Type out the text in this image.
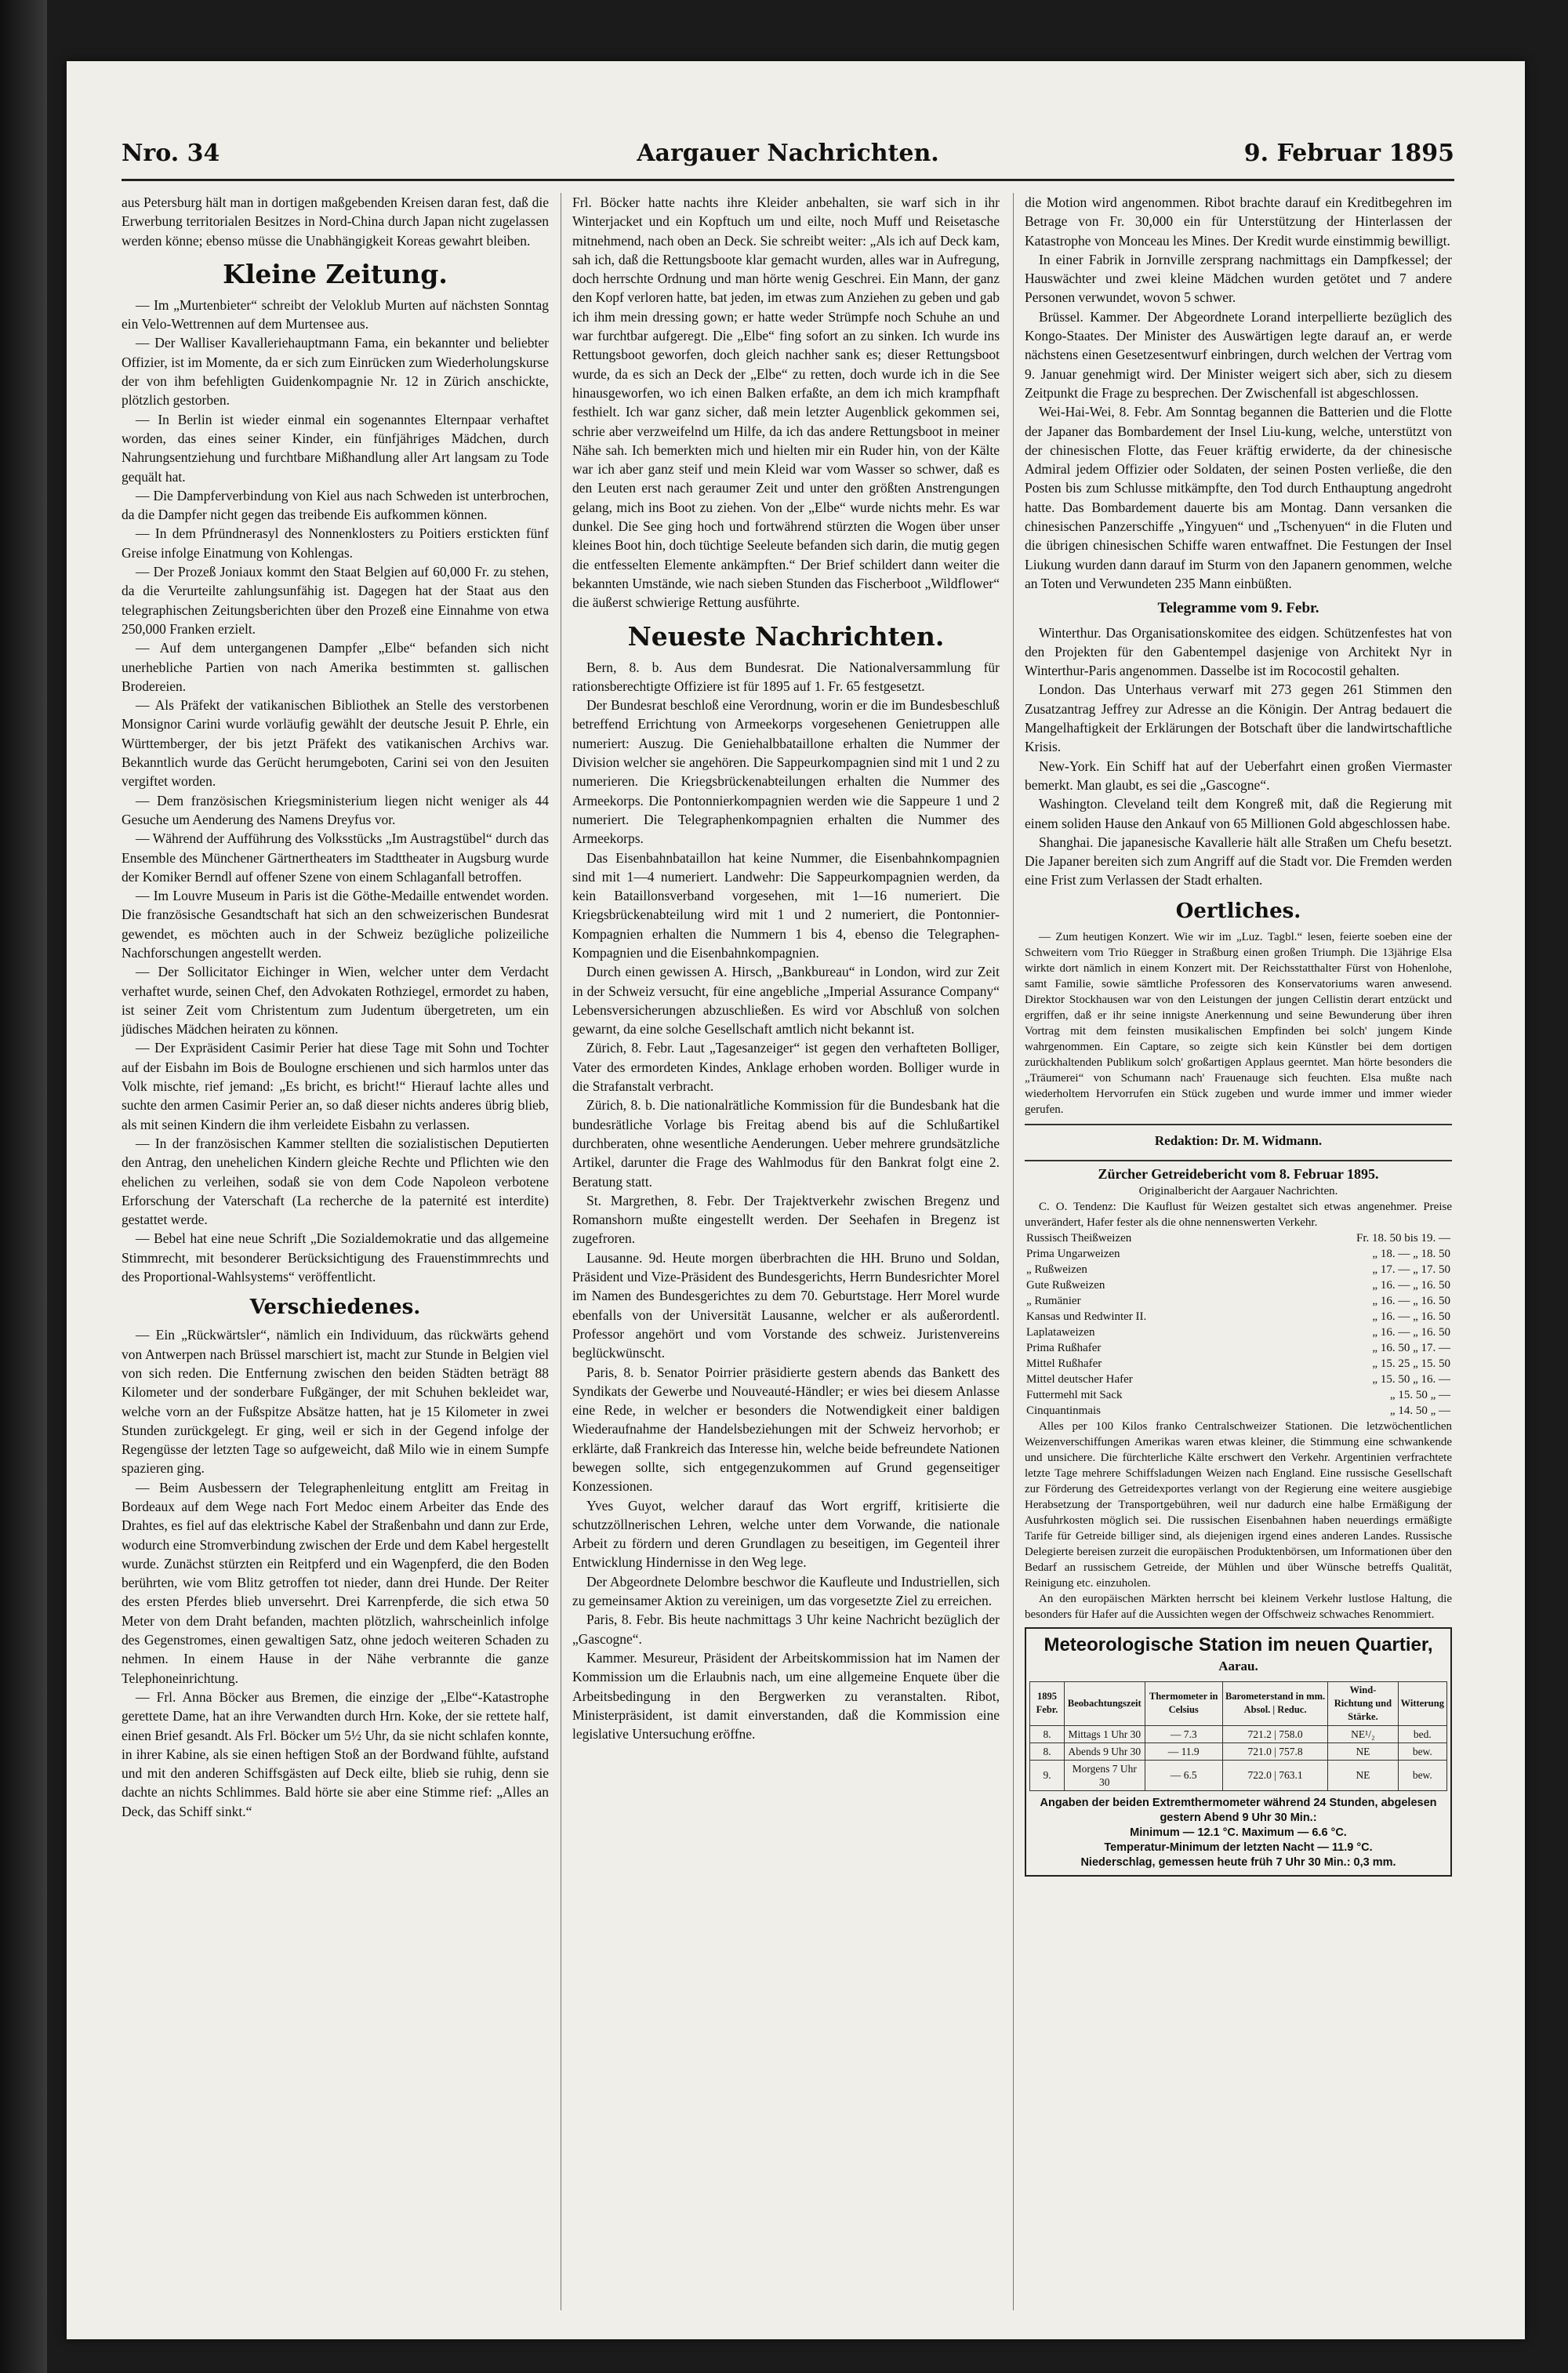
Nro. 34	Aargauer Nachrichten.	9. Februar 1895

aus Petersburg hält man in dortigen maßgebenden Kreisen daran fest, daß die Erwerbung territorialen Besitzes in Nord-China durch Japan nicht zugelassen werden könne; ebenso müsse die Unabhängigkeit Koreas gewahrt bleiben.

Kleine Zeitung.

— Im „Murtenbieter“ schreibt der Veloklub Murten auf nächsten Sonntag ein Velo-Wettrennen auf dem Murtensee aus.

— Der Walliser Kavalleriehauptmann Fama, ein bekannter und beliebter Offizier, ist im Momente, da er sich zum Einrücken zum Wiederholungskurse der von ihm befehligten Guidenkompagnie Nr. 12 in Zürich anschickte, plötzlich gestorben.

— In Berlin ist wieder einmal ein sogenanntes Elternpaar verhaftet worden, das eines seiner Kinder, ein fünfjähriges Mädchen, durch Nahrungsentziehung und furchtbare Mißhandlung aller Art langsam zu Tode gequält hat.

— Die Dampferverbindung von Kiel aus nach Schweden ist unterbrochen, da die Dampfer nicht gegen das treibende Eis aufkommen können.

— In dem Pfründnerasyl des Nonnenklosters zu Poitiers erstickten fünf Greise infolge Einatmung von Kohlengas.

— Der Prozeß Joniaux kommt den Staat Belgien auf 60,000 Fr. zu stehen, da die Verurteilte zahlungsunfähig ist. Dagegen hat der Staat aus den telegraphischen Zeitungsberichten über den Prozeß eine Einnahme von etwa 250,000 Franken erzielt.

— Auf dem untergangenen Dampfer „Elbe“ befanden sich nicht unerhebliche Partien von nach Amerika bestimmten st. gallischen Brodereien.

— Als Präfekt der vatikanischen Bibliothek an Stelle des verstorbenen Monsignor Carini wurde vorläufig gewählt der deutsche Jesuit P. Ehrle, ein Württemberger, der bis jetzt Präfekt des vatikanischen Archivs war. Bekanntlich wurde das Gerücht herumgeboten, Carini sei von den Jesuiten vergiftet worden.

— Dem französischen Kriegsministerium liegen nicht weniger als 44 Gesuche um Aenderung des Namens Dreyfus vor.

— Während der Aufführung des Volksstücks „Im Austragstübel“ durch das Ensemble des Münchener Gärtnertheaters im Stadttheater in Augsburg wurde der Komiker Berndl auf offener Szene von einem Schlaganfall betroffen.

— Im Louvre Museum in Paris ist die Göthe-Medaille entwendet worden. Die französische Gesandtschaft hat sich an den schweizerischen Bundesrat gewendet, es möchten auch in der Schweiz bezügliche polizeiliche Nachforschungen angestellt werden.

— Der Sollicitator Eichinger in Wien, welcher unter dem Verdacht verhaftet wurde, seinen Chef, den Advokaten Rothziegel, ermordet zu haben, ist seiner Zeit vom Christentum zum Judentum übergetreten, um ein jüdisches Mädchen heiraten zu können.

— Der Expräsident Casimir Perier hat diese Tage mit Sohn und Tochter auf der Eisbahn im Bois de Boulogne erschienen und sich harmlos unter das Volk mischte, rief jemand: „Es bricht, es bricht!“ Hierauf lachte alles und suchte den armen Casimir Perier an, so daß dieser nichts anderes übrig blieb, als mit seinen Kindern die ihm verleidete Eisbahn zu verlassen.

— In der französischen Kammer stellten die sozialistischen Deputierten den Antrag, den unehelichen Kindern gleiche Rechte und Pflichten wie den ehelichen zu verleihen, sodaß sie von dem Code Napoleon verbotene Erforschung der Vaterschaft (La recherche de la paternité est interdite) gestattet werde.

— Bebel hat eine neue Schrift „Die Sozialdemokratie und das allgemeine Stimmrecht, mit besonderer Berücksichtigung des Frauenstimmrechts und des Proportional-Wahlsystems“ veröffentlicht.

Verschiedenes.

— Ein „Rückwärtsler“, nämlich ein Individuum, das rückwärts gehend von Antwerpen nach Brüssel marschiert ist, macht zur Stunde in Belgien viel von sich reden. Die Entfernung zwischen den beiden Städten beträgt 88 Kilometer und der sonderbare Fußgänger, der mit Schuhen bekleidet war, welche vorn an der Fußspitze Absätze hatten, hat je 15 Kilometer in zwei Stunden zurückgelegt. Er ging, weil er sich in der Gegend infolge der Regengüsse der letzten Tage so aufgeweicht, daß Milo wie in einem Sumpfe spazieren ging.

— Beim Ausbessern der Telegraphenleitung entglitt am Freitag in Bordeaux auf dem Wege nach Fort Medoc einem Arbeiter das Ende des Drahtes, es fiel auf das elektrische Kabel der Straßenbahn und dann zur Erde, wodurch eine Stromverbindung zwischen der Erde und dem Kabel hergestellt wurde. Zunächst stürzten ein Reitpferd und ein Wagenpferd, die den Boden berührten, wie vom Blitz getroffen tot nieder, dann drei Hunde. Der Reiter des ersten Pferdes blieb unversehrt. Drei Karrenpferde, die sich etwa 50 Meter von dem Draht befanden, machten plötzlich, wahrscheinlich infolge des Gegenstromes, einen gewaltigen Satz, ohne jedoch weiteren Schaden zu nehmen. In einem Hause in der Nähe verbrannte die ganze Telephoneinrichtung.

— Frl. Anna Böcker aus Bremen, die einzige der „Elbe“-Katastrophe gerettete Dame, hat an ihre Verwandten durch Hrn. Koke, der sie rettete half, einen Brief gesandt. Als Frl. Böcker um 5½ Uhr, da sie nicht schlafen konnte, in ihrer Kabine, als sie einen heftigen Stoß an der Bordwand fühlte, aufstand und mit den anderen Schiffsgästen auf Deck eilte, blieb sie ruhig, denn sie dachte an nichts Schlimmes. Bald hörte sie aber eine Stimme rief: „Alles an Deck, das Schiff sinkt.“

Frl. Böcker hatte nachts ihre Kleider anbehalten, sie warf sich in ihr Winterjacket und ein Kopftuch um und eilte, noch Muff und Reisetasche mitnehmend, nach oben an Deck. Sie schreibt weiter: „Als ich auf Deck kam, sah ich, daß die Rettungsboote klar gemacht wurden, alles war in Aufregung, doch herrschte Ordnung und man hörte wenig Geschrei. Ein Mann, der ganz den Kopf verloren hatte, bat jeden, im etwas zum Anziehen zu geben und gab ich ihm mein dressing gown; er hatte weder Strümpfe noch Schuhe an und war furchtbar aufgeregt. Die „Elbe“ fing sofort an zu sinken. Ich wurde ins Rettungsboot geworfen, doch gleich nachher sank es; dieser Rettungsboot wurde, da es sich an Deck der „Elbe“ zu retten, doch wurde ich in die See hinausgeworfen, wo ich einen Balken erfaßte, an dem ich mich krampfhaft festhielt. Ich war ganz sicher, daß mein letzter Augenblick gekommen sei, schrie aber verzweifelnd um Hilfe, da ich das andere Rettungsboot in meiner Nähe sah. Ich bemerkten mich und hielten mir ein Ruder hin, von der Kälte war ich aber ganz steif und mein Kleid war vom Wasser so schwer, daß es den Leuten erst nach geraumer Zeit und unter den größten Anstrengungen gelang, mich ins Boot zu ziehen. Von der „Elbe“ wurde nichts mehr. Es war dunkel. Die See ging hoch und fortwährend stürzten die Wogen über unser kleines Boot hin, doch tüchtige Seeleute befanden sich darin, die mutig gegen die entfesselten Elemente ankämpften.“ Der Brief schildert dann weiter die bekannten Umstände, wie nach sieben Stunden das Fischerboot „Wildflower“ die äußerst schwierige Rettung ausführte.

Neueste Nachrichten.

Bern, 8. b. Aus dem Bundesrat. Die Nationalversammlung für rationsberechtigte Offiziere ist für 1895 auf 1. Fr. 65 festgesetzt.

Der Bundesrat beschloß eine Verordnung, worin er die im Bundesbeschluß betreffend Errichtung von Armeekorps vorgesehenen Genietruppen alle numeriert: Auszug. Die Geniehalbbataillone erhalten die Nummer der Division welcher sie angehören. Die Sappeurkompagnien sind mit 1 und 2 zu numerieren. Die Kriegsbrückenabteilungen erhalten die Nummer des Armeekorps. Die Pontonnierkompagnien werden wie die Sappeure 1 und 2 numeriert. Die Telegraphenkompagnien erhalten die Nummer des Armeekorps.

Das Eisenbahnbataillon hat keine Nummer, die Eisenbahnkompagnien sind mit 1—4 numeriert. Landwehr: Die Sappeurkompagnien werden, da kein Bataillonsverband vorgesehen, mit 1—16 numeriert. Die Kriegsbrückenabteilung wird mit 1 und 2 numeriert, die Pontonnier-Kompagnien erhalten die Nummern 1 bis 4, ebenso die Telegraphen-Kompagnien und die Eisenbahnkompagnien.

Durch einen gewissen A. Hirsch, „Bankbureau“ in London, wird zur Zeit in der Schweiz versucht, für eine angebliche „Imperial Assurance Company“ Lebensversicherungen abzuschließen. Es wird vor Abschluß von solchen gewarnt, da eine solche Gesellschaft amtlich nicht bekannt ist.

Zürich, 8. Febr. Laut „Tagesanzeiger“ ist gegen den verhafteten Bolliger, Vater des ermordeten Kindes, Anklage erhoben worden. Bolliger wurde in die Strafanstalt verbracht.

Zürich, 8. b. Die nationalrätliche Kommission für die Bundesbank hat die bundesrätliche Vorlage bis Freitag abend bis auf die Schlußartikel durchberaten, ohne wesentliche Aenderungen. Ueber mehrere grundsätzliche Artikel, darunter die Frage des Wahlmodus für den Bankrat folgt eine 2. Beratung statt.

St. Margrethen, 8. Febr. Der Trajektverkehr zwischen Bregenz und Romanshorn mußte eingestellt werden. Der Seehafen in Bregenz ist zugefroren.

Lausanne. 9d. Heute morgen überbrachten die HH. Bruno und Soldan, Präsident und Vize-Präsident des Bundesgerichts, Herrn Bundesrichter Morel im Namen des Bundesgerichtes zu dem 70. Geburtstage. Herr Morel wurde ebenfalls von der Universität Lausanne, welcher er als außerordentl. Professor angehört und vom Vorstande des schweiz. Juristenvereins beglückwünscht.

Paris, 8. b. Senator Poirrier präsidierte gestern abends das Bankett des Syndikats der Gewerbe und Nouveauté-Händler; er wies bei diesem Anlasse eine Rede, in welcher er besonders die Notwendigkeit einer baldigen Wiederaufnahme der Handelsbeziehungen mit der Schweiz hervorhob; er erklärte, daß Frankreich das Interesse hin, welche beide befreundete Nationen bewegen sollte, sich entgegenzukommen auf Grund gegenseitiger Konzessionen.

Yves Guyot, welcher darauf das Wort ergriff, kritisierte die schutzzöllnerischen Lehren, welche unter dem Vorwande, die nationale Arbeit zu fördern und deren Grundlagen zu beseitigen, im Gegenteil ihrer Entwicklung Hindernisse in den Weg lege.

Der Abgeordnete Delombre beschwor die Kaufleute und Industriellen, sich zu gemeinsamer Aktion zu vereinigen, um das vorgesetzte Ziel zu erreichen.

Paris, 8. Febr. Bis heute nachmittags 3 Uhr keine Nachricht bezüglich der „Gascogne“.

Kammer. Mesureur, Präsident der Arbeitskommission hat im Namen der Kommission um die Erlaubnis nach, um eine allgemeine Enquete über die Arbeitsbedingung in den Bergwerken zu veranstalten. Ribot, Ministerpräsident, ist damit einverstanden, daß die Kommission eine legislative Untersuchung eröffne.

die Motion wird angenommen. Ribot brachte darauf ein Kreditbegehren im Betrage von Fr. 30,000 ein für Unterstützung der Hinterlassen der Katastrophe von Monceau les Mines. Der Kredit wurde einstimmig bewilligt.

In einer Fabrik in Jornville zersprang nachmittags ein Dampfkessel; der Hauswächter und zwei kleine Mädchen wurden getötet und 7 andere Personen verwundet, wovon 5 schwer.

Brüssel. Kammer. Der Abgeordnete Lorand interpellierte bezüglich des Kongo-Staates. Der Minister des Auswärtigen legte darauf an, er werde nächstens einen Gesetzesentwurf einbringen, durch welchen der Vertrag vom 9. Januar genehmigt wird. Der Minister weigert sich aber, sich zu diesem Zeitpunkt die Frage zu besprechen. Der Zwischenfall ist abgeschlossen.

Wei-Hai-Wei, 8. Febr. Am Sonntag begannen die Batterien und die Flotte der Japaner das Bombardement der Insel Liu-kung, welche, unterstützt von der chinesischen Flotte, das Feuer kräftig erwiderte, da der chinesische Admiral jedem Offizier oder Soldaten, der seinen Posten verließe, die den Posten bis zum Schlusse mitkämpfte, den Tod durch Enthauptung angedroht hatte. Das Bombardement dauerte bis am Montag. Dann versanken die chinesischen Panzerschiffe „Yingyuen“ und „Tschenyuen“ in die Fluten und die übrigen chinesischen Schiffe waren entwaffnet. Die Festungen der Insel Liukung wurden dann darauf im Sturm von den Japanern genommen, welche an Toten und Verwundeten 235 Mann einbüßten.

Telegramme vom 9. Febr.

Winterthur. Das Organisationskomitee des eidgen. Schützenfestes hat von den Projekten für den Gabentempel dasjenige von Architekt Nyr in Winterthur-Paris angenommen. Dasselbe ist im Rococostil gehalten.

London. Das Unterhaus verwarf mit 273 gegen 261 Stimmen den Zusatzantrag Jeffrey zur Adresse an die Königin. Der Antrag bedauert die Mangelhaftigkeit der Erklärungen der Botschaft über die landwirtschaftliche Krisis.

New-York. Ein Schiff hat auf der Ueberfahrt einen großen Viermaster bemerkt. Man glaubt, es sei die „Gascogne“.

Washington. Cleveland teilt dem Kongreß mit, daß die Regierung mit einem soliden Hause den Ankauf von 65 Millionen Gold abgeschlossen habe.

Shanghai. Die japanesische Kavallerie hält alle Straßen um Chefu besetzt. Die Japaner bereiten sich zum Angriff auf die Stadt vor. Die Fremden werden eine Frist zum Verlassen der Stadt erhalten.

Oertliches.

— Zum heutigen Konzert. Wie wir im „Luz. Tagbl.“ lesen, feierte soeben eine der Schweitern vom Trio Rüegger in Straßburg einen großen Triumph. Die 13jährige Elsa wirkte dort nämlich in einem Konzert mit. Der Reichsstatthalter Fürst von Hohenlohe, samt Familie, sowie sämtliche Professoren des Konservatoriums waren anwesend. Direktor Stockhausen war von den Leistungen der jungen Cellistin derart entzückt und ergriffen, daß er ihr seine innigste Anerkennung und seine Bewunderung über ihren Vortrag mit dem feinsten musikalischen Empfinden bei solch' jungem Kinde wahrgenommen. Ein Captare, so zeigte sich kein Künstler bei dem dortigen zurückhaltenden Publikum solch' großartigen Applaus geerntet. Man hörte besonders die „Träumerei“ von Schumann nach' Frauenauge sich feuchten. Elsa mußte nach wiederholtem Hervorrufen ein Stück zugeben und wurde immer und immer wieder gerufen.

Redaktion: Dr. M. Widmann.
Zürcher Getreidebericht vom 8. Februar 1895.
Originalbericht der Aargauer Nachrichten.

C. O. Tendenz: Die Kauflust für Weizen gestaltet sich etwas angenehmer. Preise unverändert, Hafer fester als die ohne nennenswerten Verkehr.

Russisch Theißweizen	Fr. 18. 50 bis 19. —
Prima Ungarweizen	„ 18. — „ 18. 50
„ Rußweizen	„ 17. — „ 17. 50
Gute Rußweizen	„ 16. — „ 16. 50
„ Rumänier	„ 16. — „ 16. 50
Kansas und Redwinter II.	„ 16. — „ 16. 50
Laplataweizen	„ 16. — „ 16. 50
Prima Rußhafer	„ 16. 50 „ 17. —
Mittel Rußhafer	„ 15. 25 „ 15. 50
Mittel deutscher Hafer	„ 15. 50 „ 16. —
Futtermehl mit Sack	„ 15. 50 „ —
Cinquantinmais	„ 14. 50 „ —

Alles per 100 Kilos franko Centralschweizer Stationen. Die letzwöchentlichen Weizenverschiffungen Amerikas waren etwas kleiner, die Stimmung eine schwankende und unsichere. Die fürchterliche Kälte erschwert den Verkehr. Argentinien verfrachtete letzte Tage mehrere Schiffsladungen Weizen nach England. Eine russische Gesellschaft zur Förderung des Getreidexportes verlangt von der Regierung eine weitere ausgiebige Herabsetzung der Transportgebühren, weil nur dadurch eine halbe Ermäßigung der Ausfuhrkosten möglich sei. Die russischen Eisenbahnen haben neuerdings ermäßigte Tarife für Getreide billiger sind, als diejenigen irgend eines anderen Landes. Russische Delegierte bereisen zurzeit die europäischen Produktenbörsen, um Informationen über den Bedarf an russischem Getreide, der Mühlen und über Wünsche betreffs Qualität, Reinigung etc. einzuholen.

An den europäischen Märkten herrscht bei kleinem Verkehr lustlose Haltung, die besonders für Hafer auf die Aussichten wegen der Offschweiz schwaches Renommiert.

Meteorologische Station im neuen Quartier,
Aarau.
1895 Febr.	Beobachtungszeit	Thermometer in Celsius	Barometerstand in mm. Absol. | Reduc.	Wind-Richtung und Stärke.	Witterung
8.	Mittags 1 Uhr 30	— 7.3	721.2 | 758.0	NE¹/₂	bed.
8.	Abends 9 Uhr 30	— 11.9	721.0 | 757.8	NE	bew.
9.	Morgens 7 Uhr 30	— 6.5	722.0 | 763.1	NE	bew.
Angaben der beiden Extremthermometer während 24 Stunden, abgelesen gestern Abend 9 Uhr 30 Min.:
Minimum — 12.1 °C. Maximum — 6.6 °C.
Temperatur-Minimum der letzten Nacht — 11.9 °C.
Niederschlag, gemessen heute früh 7 Uhr 30 Min.: 0,3 mm.
